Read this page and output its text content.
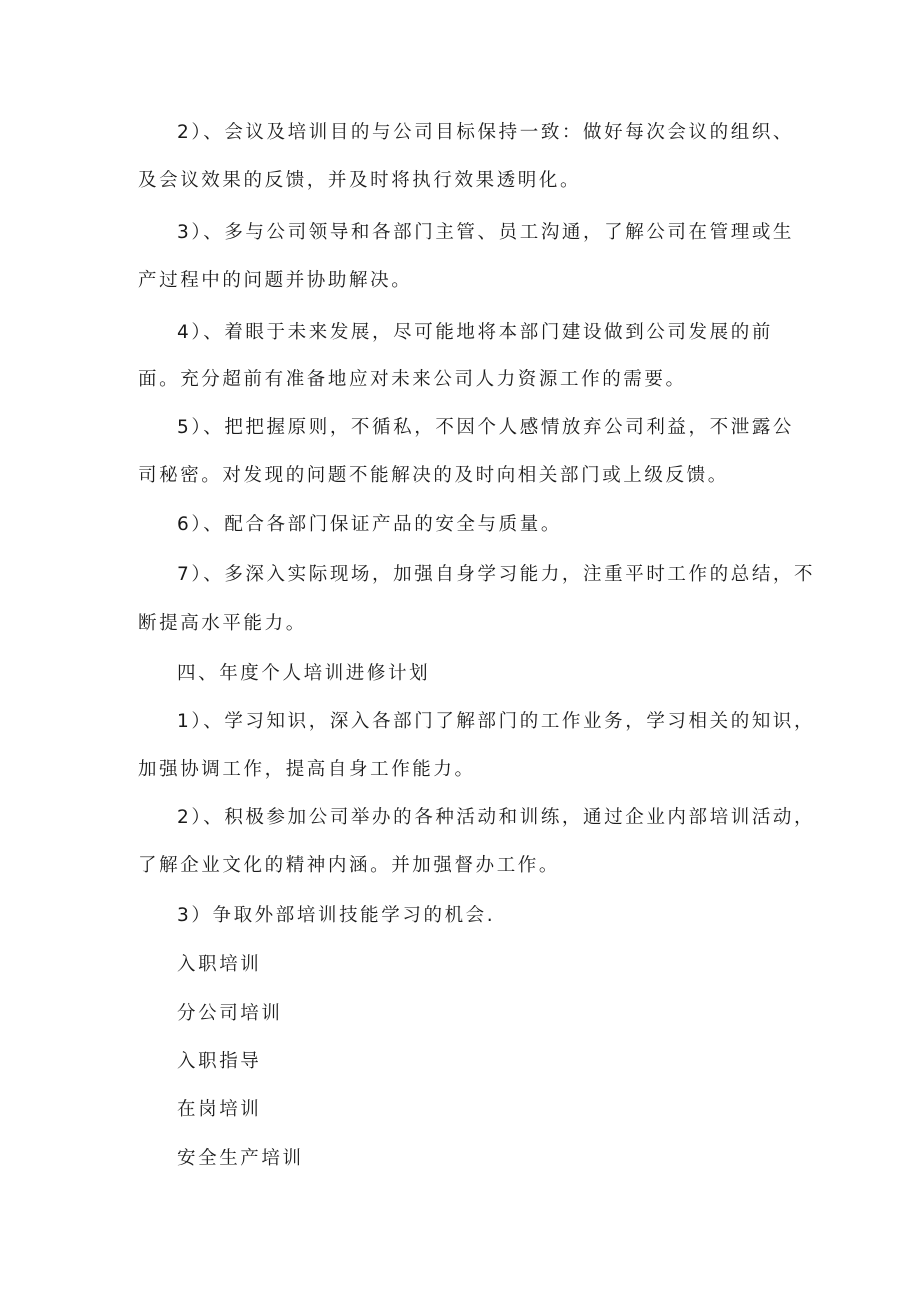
2）、会议及培训目的与公司目标保持一致：做好每次会议的组织、
及会议效果的反馈，并及时将执行效果透明化。
3）、多与公司领导和各部门主管、员工沟通，了解公司在管理或生
产过程中的问题并协助解决。
4）、着眼于未来发展，尽可能地将本部门建设做到公司发展的前
面。充分超前有准备地应对未来公司人力资源工作的需要。
5）、把把握原则，不循私，不因个人感情放弃公司利益，不泄露公
司秘密。对发现的问题不能解决的及时向相关部门或上级反馈。
6）、配合各部门保证产品的安全与质量。
7）、多深入实际现场，加强自身学习能力，注重平时工作的总结，不
断提高水平能力。
四、年度个人培训进修计划
1）、学习知识，深入各部门了解部门的工作业务，学习相关的知识，
加强协调工作，提高自身工作能力。
2）、积极参加公司举办的各种活动和训练，通过企业内部培训活动，
了解企业文化的精神内涵。并加强督办工作。
3）争取外部培训技能学习的机会.
入职培训
分公司培训
入职指导
在岗培训
安全生产培训
